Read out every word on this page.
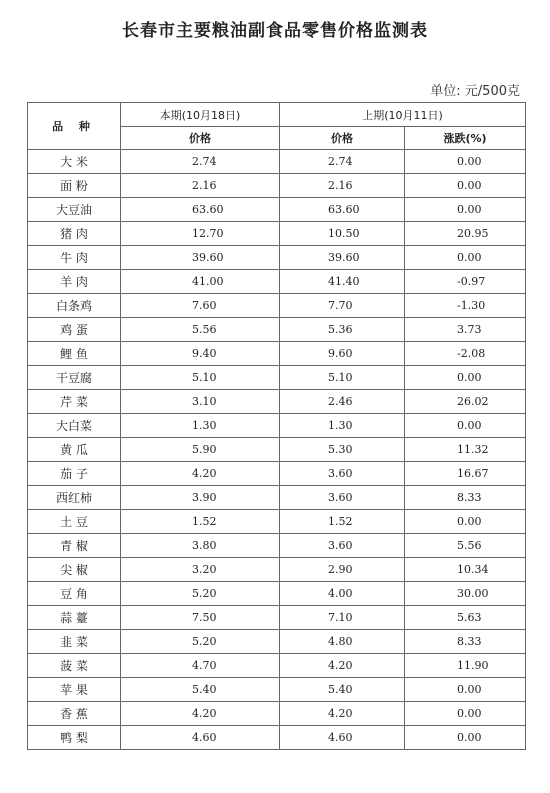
长春市主要粮油副食品零售价格监测表
单位: 元/500克
品 种	本期(10月18日)	上期(10月11日)	
	价格	价格	涨跌(%)
大 米	2.74	2.74	0.00
面 粉	2.16	2.16	0.00
大豆油	63.60	63.60	0.00
猪 肉	12.70	10.50	20.95
牛 肉	39.60	39.60	0.00
羊 肉	41.00	41.40	-0.97
白条鸡	7.60	7.70	-1.30
鸡 蛋	5.56	5.36	3.73
鲤 鱼	9.40	9.60	-2.08
干豆腐	5.10	5.10	0.00
芹 菜	3.10	2.46	26.02
大白菜	1.30	1.30	0.00
黄 瓜	5.90	5.30	11.32
茄 子	4.20	3.60	16.67
西红柿	3.90	3.60	8.33
土 豆	1.52	1.52	0.00
青 椒	3.80	3.60	5.56
尖 椒	3.20	2.90	10.34
豆 角	5.20	4.00	30.00
蒜 薹	7.50	7.10	5.63
韭 菜	5.20	4.80	8.33
菠 菜	4.70	4.20	11.90
苹 果	5.40	5.40	0.00
香 蕉	4.20	4.20	0.00
鸭 梨	4.60	4.60	0.00
